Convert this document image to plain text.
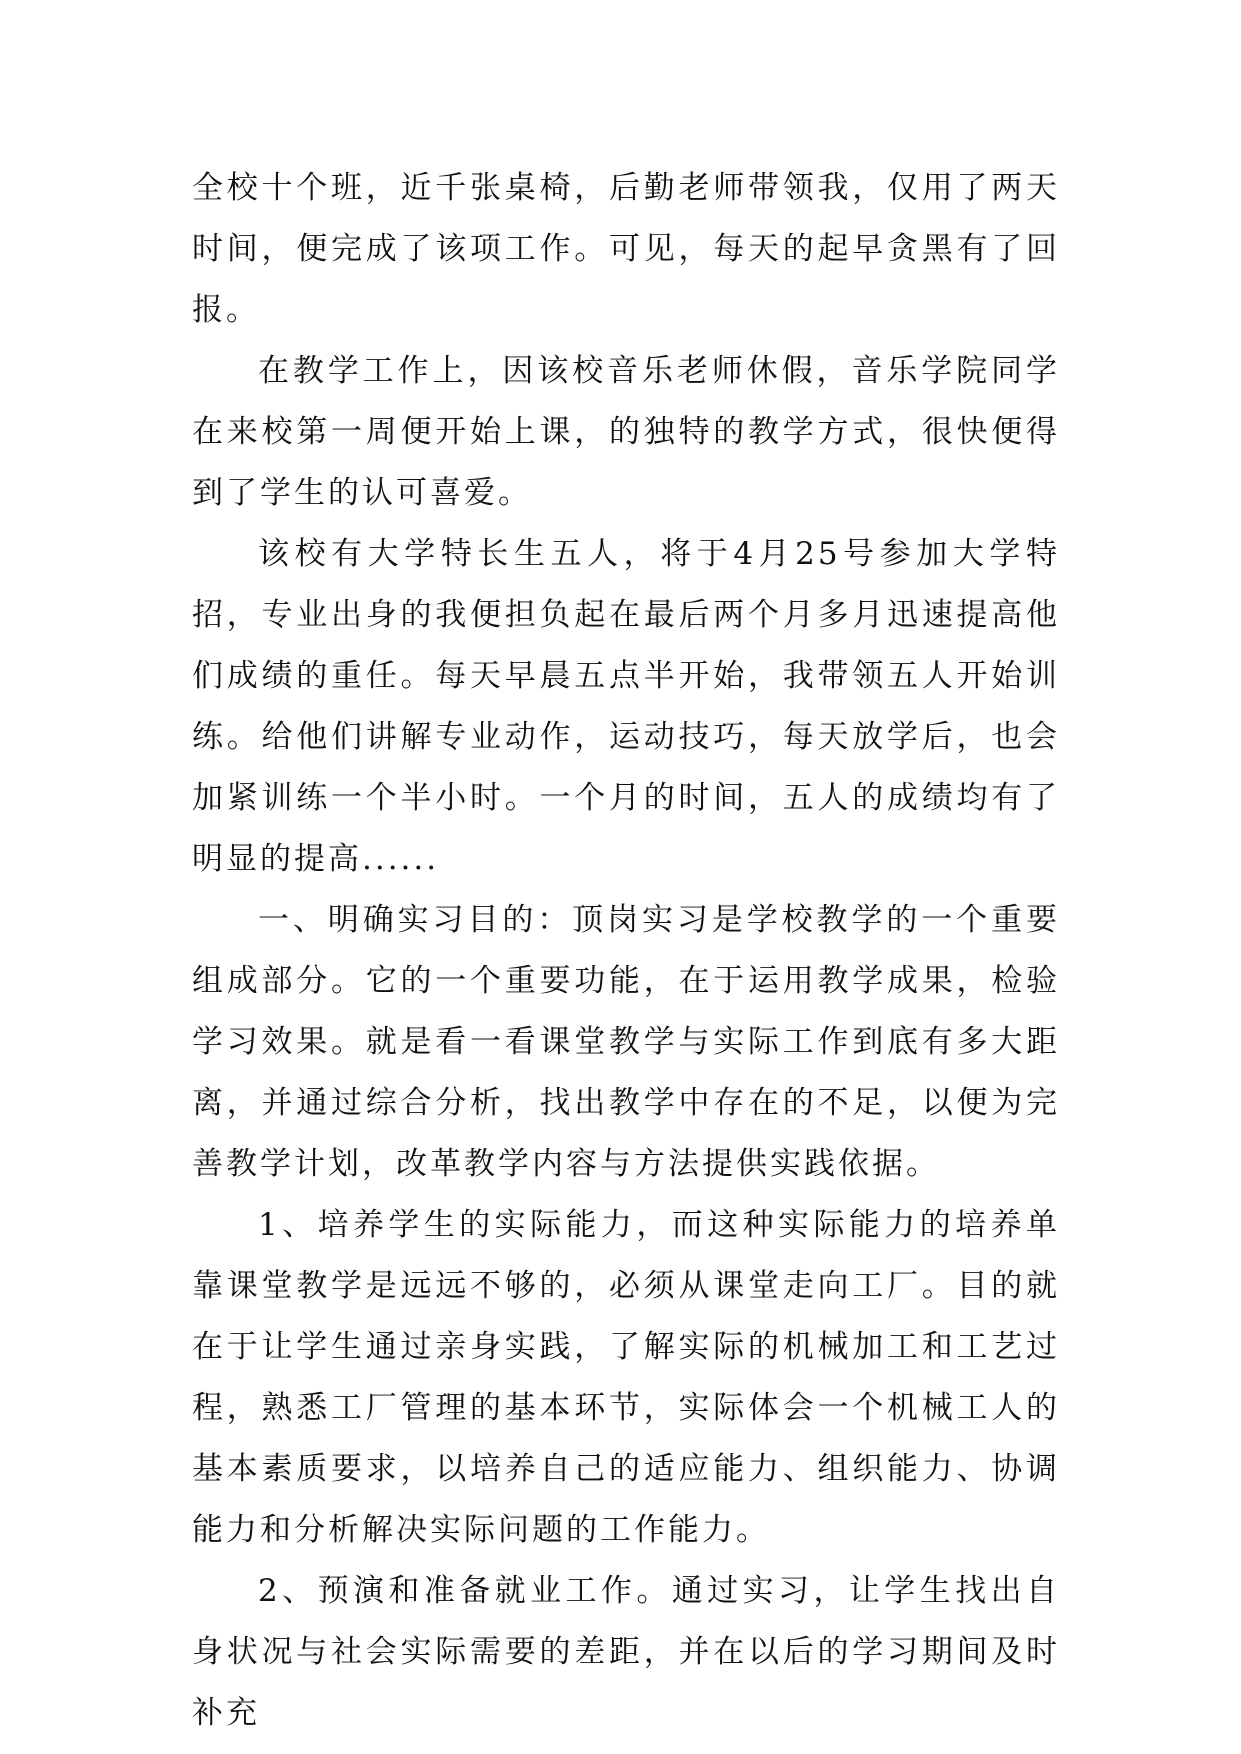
全校十个班，近千张桌椅，后勤老师带领我，仅用了两天时间，便完成了该项工作。可见，每天的起早贪黑有了回报。

在教学工作上，因该校音乐老师休假，音乐学院同学在来校第一周便开始上课，的独特的教学方式，很快便得到了学生的认可喜爱。

该校有大学特长生五人，将于4月25号参加大学特招，专业出身的我便担负起在最后两个月多月迅速提高他们成绩的重任。每天早晨五点半开始，我带领五人开始训练。给他们讲解专业动作，运动技巧，每天放学后，也会加紧训练一个半小时。一个月的时间，五人的成绩均有了明显的提高......

一、明确实习目的：顶岗实习是学校教学的一个重要组成部分。它的一个重要功能，在于运用教学成果，检验学习效果。就是看一看课堂教学与实际工作到底有多大距离，并通过综合分析，找出教学中存在的不足，以便为完善教学计划，改革教学内容与方法提供实践依据。

1、培养学生的实际能力，而这种实际能力的培养单靠课堂教学是远远不够的，必须从课堂走向工厂。目的就在于让学生通过亲身实践，了解实际的机械加工和工艺过程，熟悉工厂管理的基本环节，实际体会一个机械工人的基本素质要求，以培养自己的适应能力、组织能力、协调能力和分析解决实际问题的工作能力。

2、预演和准备就业工作。通过实习，让学生找出自身状况与社会实际需要的差距，并在以后的学习期间及时补充
